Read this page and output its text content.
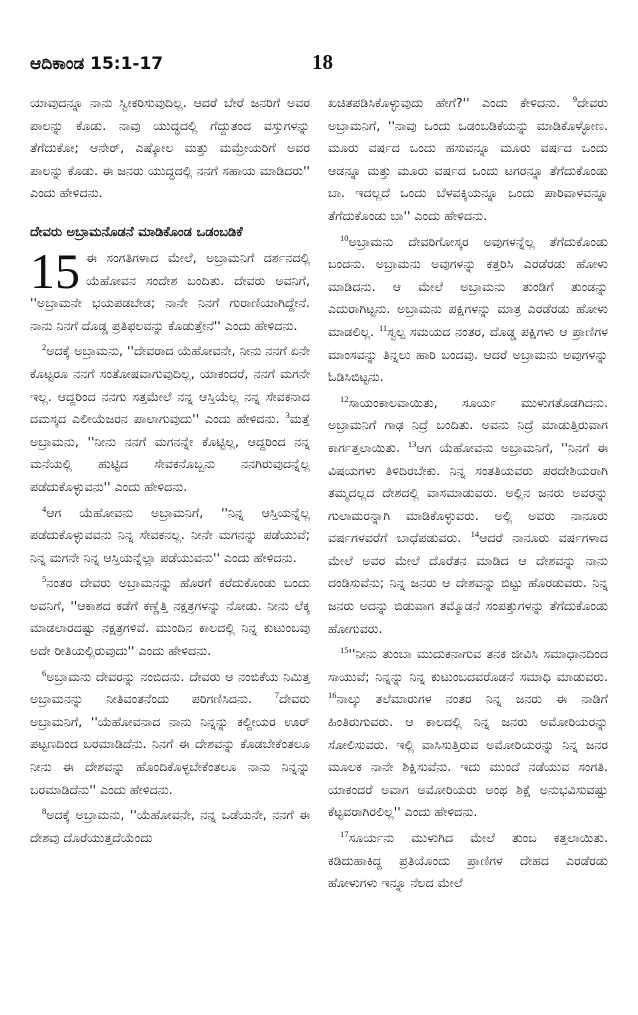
ಆದಿಕಾಂಡ 15:1-17	18

ಯಾವುದನ್ನೂ ನಾನು ಸ್ವೀಕರಿಸುವುದಿಲ್ಲ. ಆದರೆ ಬೇರೆ ಜನರಿಗೆ ಅವರ ಪಾಲನ್ನು ಕೊಡು. ನಾವು ಯುದ್ಧದಲ್ಲಿ ಗೆದ್ದುತಂದ ವಸ್ತುಗಳನ್ನು ತೆಗೆದುಕೋ; ಆನೇರ್, ಎಷ್ಕೋಲ ಮತ್ತು ಮಮ್ರೇಯರಿಗೆ ಅವರ ಪಾಲನ್ನು ಕೊಡು. ಈ ಜನರು ಯುದ್ಧದಲ್ಲಿ ನನಗೆ ಸಹಾಯ ಮಾಡಿದರು'' ಎಂದು ಹೇಳಿದನು.

ದೇವರು ಅಬ್ರಾಮನೊಡನೆ ಮಾಡಿಕೊಂಡ ಒಡಂಬಡಿಕೆ

15 ಈ ಸಂಗತಿಗಳಾದ ಮೇಲೆ, ಅಬ್ರಾಮನಿಗೆ ದರ್ಶನದಲ್ಲಿ ಯೆಹೋವನ ಸಂದೇಶ ಬಂದಿತು. ದೇವರು ಅವನಿಗೆ, ''ಅಬ್ರಾಮನೇ ಭಯಪಡಬೇಡ; ನಾನೇ ನಿನಗೆ ಗುರಾಣಿಯಾಗಿದ್ದೇನೆ. ನಾನು ನಿನಗೆ ದೊಡ್ಡ ಪ್ರತಿಫಲವನ್ನು ಕೊಡುತ್ತೇನೆ'' ಎಂದು ಹೇಳಿದನು.

$^2$ಅದಕ್ಕೆ ಅಬ್ರಾಮನು, ''ದೇವರಾದ ಯೆಹೋವನೇ, ನೀನು ನನಗೆ ಏನೇ ಕೊಟ್ಟರೂ ನನಗೆ ಸಂತೋಷವಾಗುವುದಿಲ್ಲ, ಯಾಕಂದರೆ, ನನಗೆ ಮಗನೇ ಇಲ್ಲ. ಆದ್ದರಿಂದ ನನಗು ಸತ್ತಮೇಲೆ ನನ್ನ ಆಸ್ತಿಯೆಲ್ಲ ನನ್ನ ಸೇವಕನಾದ ದಮಸ್ಕದ ಎಲೀಯೆಜರನ ಪಾಲಾಗುವುದು'' ಎಂದು ಹೇಳಿದನು. $^3$ಮತ್ತೆ ಅಬ್ರಾಮನು, ''ನೀನು ನನಗೆ ಮಗನನ್ನೇ ಕೊಟ್ಟಿಲ್ಲ, ಆದ್ದರಿಂದ ನನ್ನ ಮನೆಯಲ್ಲಿ ಹುಟ್ಟಿದ ಸೇವಕನೊಬ್ಬನು ನನಗಿರುವುದನ್ನೆಲ್ಲ ಪಡೆದುಕೊಳ್ಳುವನು'' ಎಂದು ಹೇಳಿದನು.

$^4$ಆಗ ಯೆಹೋವನು ಅಬ್ರಾಮನಿಗೆ, ''ನಿನ್ನ ಆಸ್ತಿಯನ್ನೆಲ್ಲ ಪಡೆದುಕೊಳ್ಳುವವನು ನಿನ್ನ ಸೇವಕನಲ್ಲ. ನೀನೇ ಮಗನನ್ನು ಪಡೆಯುವೆ; ನಿನ್ನ ಮಗನೇ ನಿನ್ನ ಆಸ್ತಿಯನ್ನೆಲ್ಲಾ ಪಡೆಯುವನು'' ಎಂದು ಹೇಳಿದನು.

$^5$ನಂತರ ದೇವರು ಅಬ್ರಾಮನನ್ನು ಹೊರಗೆ ಕರೆದುಕೊಂಡು ಬಂದು ಅವನಿಗೆ, ''ಆಕಾಶದ ಕಡೆಗೆ ಕಣ್ಣೆತ್ತಿ ನಕ್ಷತ್ರಗಳನ್ನು ನೋಡು. ನೀನು ಲೆಕ್ಕ ಮಾಡಲಾರದಷ್ಟು ನಕ್ಷತ್ರಗಳಿವೆ. ಮುಂದಿನ ಕಾಲದಲ್ಲಿ ನಿನ್ನ ಕುಟುಂಬವು ಅದೇ ರೀತಿಯಲ್ಲಿರುವುದು'' ಎಂದು ಹೇಳಿದನು.

$^6$ಅಬ್ರಾಮನು ದೇವರನ್ನು ನಂಬಿದನು. ದೇವರು ಆ ನಂಬಿಕೆಯ ನಿಮಿತ್ತ ಅಬ್ರಾಮನನ್ನು ನೀತಿವಂತನೆಂದು ಪರಿಗಣಿಸಿದನು.	$^7$ದೇವರು ಅಬ್ರಾಮನಿಗೆ, ''ಯೆಹೋವನಾದ ನಾನು ನಿನ್ನನ್ನು ಕಲ್ದೀಯರ ಊರ್ ಪಟ್ಟಣದಿಂದ ಬರಮಾಡಿದೆನು. ನಿನಗೆ ಈ ದೇಶವನ್ನು ಕೊಡಬೇಕೆಂತಲೂ ನೀನು ಈ ದೇಶವನ್ನು ಹೊಂದಿಕೊಳ್ಳಬೇಕೆಂತಲೂ ನಾನು ನಿನ್ನನ್ನು ಬರಮಾಡಿದೆನು'' ಎಂದು ಹೇಳಿದನು.

$^8$ಅದಕ್ಕೆ ಅಬ್ರಾಮನು, ''ಯೆಹೋವನೇ, ನನ್ನ ಒಡೆಯನೇ, ನನಗೆ ಈ ದೇಶವು ದೊರೆಯುತ್ತದೆಯೆಂದು

ಖಚಿತಪಡಿಸಿಕೊಳ್ಳುವುದು ಹೇಗೆ?'' ಎಂದು ಕೇಳಿದನು. $^9$ದೇವರು ಅಬ್ರಾಮನಿಗೆ, ''ನಾವು ಒಂದು ಒಡಂಬಡಿಕೆಯನ್ನು ಮಾಡಿಕೊಳ್ಳೋಣ. ಮೂರು ವರ್ಷದ ಒಂದು ಹಸುವನ್ನೂ ಮೂರು ವರ್ಷದ ಒಂದು ಆಡನ್ನೂ ಮತ್ತು ಮೂರು ವರ್ಷದ ಒಂದು ಟಗರನ್ನೂ ತೆಗೆದುಕೊಂಡು ಬಾ. ಇದಲ್ಲದೆ ಒಂದು ಬೆಳವಕ್ಕಿಯನ್ನೂ ಒಂದು ಪಾರಿವಾಳವನ್ನೂ ತೆಗೆದುಕೊಂಡು ಬಾ'' ಎಂದು ಹೇಳಿದನು.

$^{10}$ಅಬ್ರಾಮನು ದೇವರಿಗೋಸ್ಕರ ಅವುಗಳನ್ನೆಲ್ಲ ತೆಗೆದುಕೊಂಡು ಬಂದನು. ಅಬ್ರಾಮನು ಅವುಗಳನ್ನು ಕತ್ತರಿಸಿ ಎರಡೆರಡು ಹೋಳು ಮಾಡಿದನು. ಆ ಮೇಲೆ ಅಬ್ರಾಮನು ತುಂಡಿಗೆ ತುಂಡನ್ನು ಎದುರಾಗಿಟ್ಟನು. ಅಬ್ರಾಮನು ಪಕ್ಷಿಗಳನ್ನು ಮಾತ್ರ ಎರಡೆರಡು ಹೋಳು ಮಾಡಲಿಲ್ಲ. $^{11}$ಸ್ವಲ್ಪ ಸಮಯದ ನಂತರ, ದೊಡ್ಡ ಪಕ್ಷಿಗಳು ಆ ಪ್ರಾಣಿಗಳ ಮಾಂಸವನ್ನು ತಿನ್ನಲು ಹಾರಿ ಬಂದವು. ಆದರೆ ಅಬ್ರಾಮನು ಅವುಗಳನ್ನು ಓಡಿಸಿಬಿಟ್ಟನು.

$^{12}$ಸಾಯಂಕಾಲವಾಯಿತು, ಸೂರ್ಯ ಮುಳುಗತೊಡಗಿದನು. ಅಬ್ರಾಮನಿಗೆ ಗಾಢ ನಿದ್ರೆ ಬಂದಿತು. ಅವನು ನಿದ್ರೆ ಮಾಡುತ್ತಿರುವಾಗ ಕಾರ್ಗತ್ತಲಾಯಿತು. $^{13}$ಆಗ ಯೆಹೋವನು ಅಬ್ರಾಮನಿಗೆ, ''ನಿನಗೆ ಈ ವಿಷಯಗಳು ತಿಳಿದಿರಬೇಕು. ನಿನ್ನ ಸಂತತಿಯವರು ಪರದೇಶಿಯರಾಗಿ ತಮ್ಮದಲ್ಲದ ದೇಶದಲ್ಲಿ ವಾಸಮಾಡುವರು. ಅಲ್ಲಿನ ಜನರು ಅವರನ್ನು ಗುಲಾಮರನ್ನಾಗಿ ಮಾಡಿಕೊಳ್ಳುವರು. ಅಲ್ಲಿ ಅವರು ನಾನೂರು ವರ್ಷಗಳವರೆಗೆ ಬಾಧೆಪಡುವರು. $^{14}$ಆದರೆ ನಾನೂರು ವರ್ಷಗಳಾದ ಮೇಲೆ ಅವರ ಮೇಲೆ ದೊರೆತನ ಮಾಡಿದ ಆ ದೇಶವನ್ನು ನಾನು ದಂಡಿಸುವೆನು; ನಿನ್ನ ಜನರು ಆ ದೇಶವನ್ನು ಬಿಟ್ಟು ಹೊರಡುವರು. ನಿನ್ನ ಜನರು ಅದನ್ನು ಬಿಡುವಾಗ ತಮ್ಮೊಡನೆ ಸಂಪತ್ತುಗಳನ್ನು ತೆಗೆದುಕೊಂಡು ಹೋಗುವರು.

$^{15}$''ನೀನು ತುಂಬಾ ಮುದುಕನಾಗುವ ತನಕ ಜೀವಿಸಿ ಸಮಾಧಾನದಿಂದ ಸಾಯುವೆ; ನಿನ್ನನ್ನು ನಿನ್ನ ಕುಟುಂಬದವರೊಡನೆ ಸಮಾಧಿ ಮಾಡುವರು. $^{16}$ನಾಲ್ಕು ತಲೆಮಾರುಗಳ ನಂತರ ನಿನ್ನ ಜನರು ಈ ನಾಡಿಗೆ ಹಿಂತಿರುಗುವರು. ಆ ಕಾಲದಲ್ಲಿ ನಿನ್ನ ಜನರು ಅಮೋರಿಯರನ್ನು ಸೋಲಿಸುವರು. ಇಲ್ಲಿ ವಾಸಿಸುತ್ತಿರುವ ಅಮೋರಿಯರನ್ನು ನಿನ್ನ ಜನರ ಮೂಲಕ ನಾನೇ ಶಿಕ್ಷಿಸುವೆನು. ಇದು ಮುಂದೆ ನಡೆಯುವ ಸಂಗತಿ. ಯಾಕಂದರೆ ಅವಾಗ ಅಮೋರಿಯರು ಅಂಥ ಶಿಕ್ಷೆ ಅನುಭವಿಸುವಷ್ಟು ಕೆಟ್ಟವರಾಗಿರಲಿಲ್ಲ'' ಎಂದು ಹೇಳಿದನು.

$^{17}$ಸೂರ್ಯನು ಮುಳುಗಿದ ಮೇಲೆ ತುಂಬ ಕತ್ತಲಾಯಿತು. ಕಡಿದುಹಾಕಿದ್ದ ಪ್ರತಿಯೊಂದು ಪ್ರಾಣಿಗಳ ದೇಹದ ಎರಡೆರಡು ಹೋಳುಗಳು ಇನ್ನೂ ನೆಲದ ಮೇಲೆ
